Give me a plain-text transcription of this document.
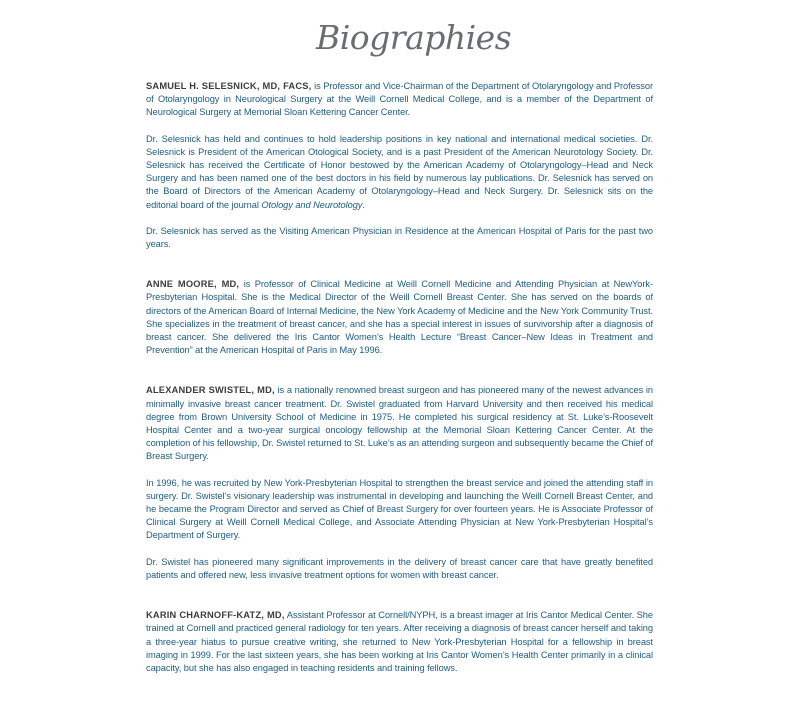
Biographies

SAMUEL H. SELESNICK, MD, FACS, is Professor and Vice-Chairman of the Department of Otolaryngology and Professor of Otolaryngology in Neurological Surgery at the Weill Cornell Medical College, and is a member of the Department of Neurological Surgery at Memorial Sloan Kettering Cancer Center.

Dr. Selesnick has held and continues to hold leadership positions in key national and international medical societies. Dr. Selesnick is President of the American Otological Society, and is a past President of the American Neurotology Society. Dr. Selesnick has received the Certificate of Honor bestowed by the American Academy of Otolaryngology–Head and Neck Surgery and has been named one of the best doctors in his field by numerous lay publications. Dr. Selesnick has served on the Board of Directors of the American Academy of Otolaryngology–Head and Neck Surgery. Dr. Selesnick sits on the editorial board of the journal Otology and Neurotology.

Dr. Selesnick has served as the Visiting American Physician in Residence at the American Hospital of Paris for the past two years.

ANNE MOORE, MD, is Professor of Clinical Medicine at Weill Cornell Medicine and Attending Physician at NewYork-Presbyterian Hospital. She is the Medical Director of the Weill Cornell Breast Center. She has served on the boards of directors of the American Board of Internal Medicine, the New York Academy of Medicine and the New York Community Trust. She specializes in the treatment of breast cancer, and she has a special interest in issues of survivorship after a diagnosis of breast cancer. She delivered the Iris Cantor Women’s Health Lecture “Breast Cancer–New Ideas in Treatment and Prevention” at the American Hospital of Paris in May 1996.

ALEXANDER SWISTEL, MD, is a nationally renowned breast surgeon and has pioneered many of the newest advances in minimally invasive breast cancer treatment. Dr. Swistel graduated from Harvard University and then received his medical degree from Brown University School of Medicine in 1975. He completed his surgical residency at St. Luke’s-Roosevelt Hospital Center and a two-year surgical oncology fellowship at the Memorial Sloan Kettering Cancer Center. At the completion of his fellowship, Dr. Swistel returned to St. Luke’s as an attending surgeon and subsequently became the Chief of Breast Surgery.

In 1996, he was recruited by New York-Presbyterian Hospital to strengthen the breast service and joined the attending staff in surgery. Dr. Swistel’s visionary leadership was instrumental in developing and launching the Weill Cornell Breast Center, and he became the Program Director and served as Chief of Breast Surgery for over fourteen years. He is Associate Professor of Clinical Surgery at Weill Cornell Medical College, and Associate Attending Physician at New York-Presbyterian Hospital’s Department of Surgery.

Dr. Swistel has pioneered many significant improvements in the delivery of breast cancer care that have greatly benefited patients and offered new, less invasive treatment options for women with breast cancer.

KARIN CHARNOFF-KATZ, MD, Assistant Professor at Cornell/NYPH, is a breast imager at Iris Cantor Medical Center. She trained at Cornell and practiced general radiology for ten years. After receiving a diagnosis of breast cancer herself and taking a three-year hiatus to pursue creative writing, she returned to New York-Presbyterian Hospital for a fellowship in breast imaging in 1999. For the last sixteen years, she has been working at Iris Cantor Women’s Health Center primarily in a clinical capacity, but she has also engaged in teaching residents and training fellows.
